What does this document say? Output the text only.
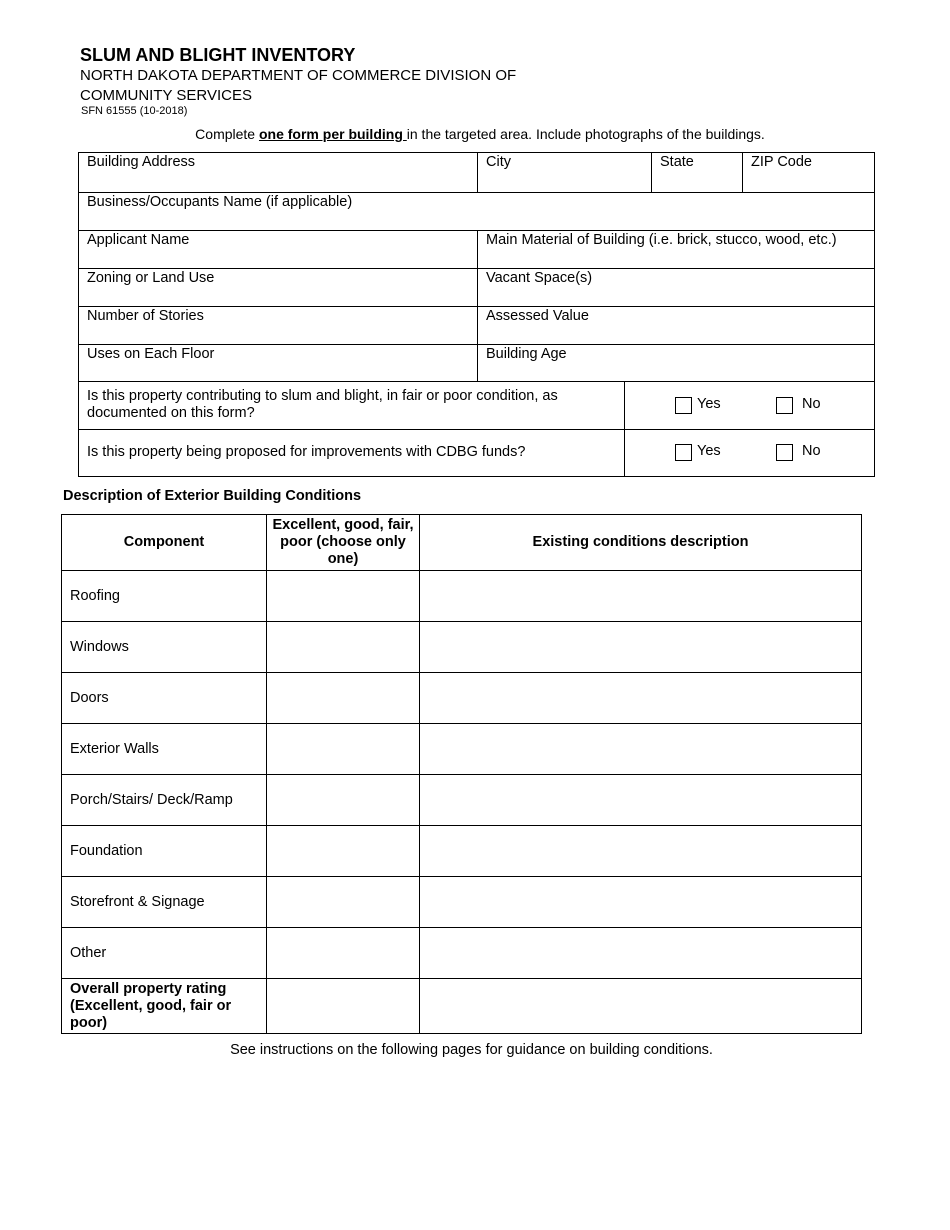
SLUM AND BLIGHT INVENTORY
NORTH DAKOTA DEPARTMENT OF COMMERCE DIVISION OF
COMMUNITY SERVICES
SFN 61555 (10-2018)
Complete one form per building in the targeted area. Include photographs of the buildings.
Building Address	City	State	ZIP Code
Business/Occupants Name (if applicable)
Applicant Name	Main Material of Building (i.e. brick, stucco, wood, etc.)
Zoning or Land Use	Vacant Space(s)
Number of Stories	Assessed Value
Uses on Each Floor	Building Age
Is this property contributing to slum and blight, in fair or poor condition, as documented on this form?
Yes	No
Is this property being proposed for improvements with CDBG funds?	Yes	No
Description of Exterior Building Conditions
Component	Excellent, good, fair, poor (choose only one)	Existing conditions description
Roofing		
Windows		
Doors		
Exterior Walls		
Porch/Stairs/ Deck/Ramp		
Foundation		
Storefront & Signage		
Other		
Overall property rating (Excellent, good, fair or poor)		
See instructions on the following pages for guidance on building conditions.
